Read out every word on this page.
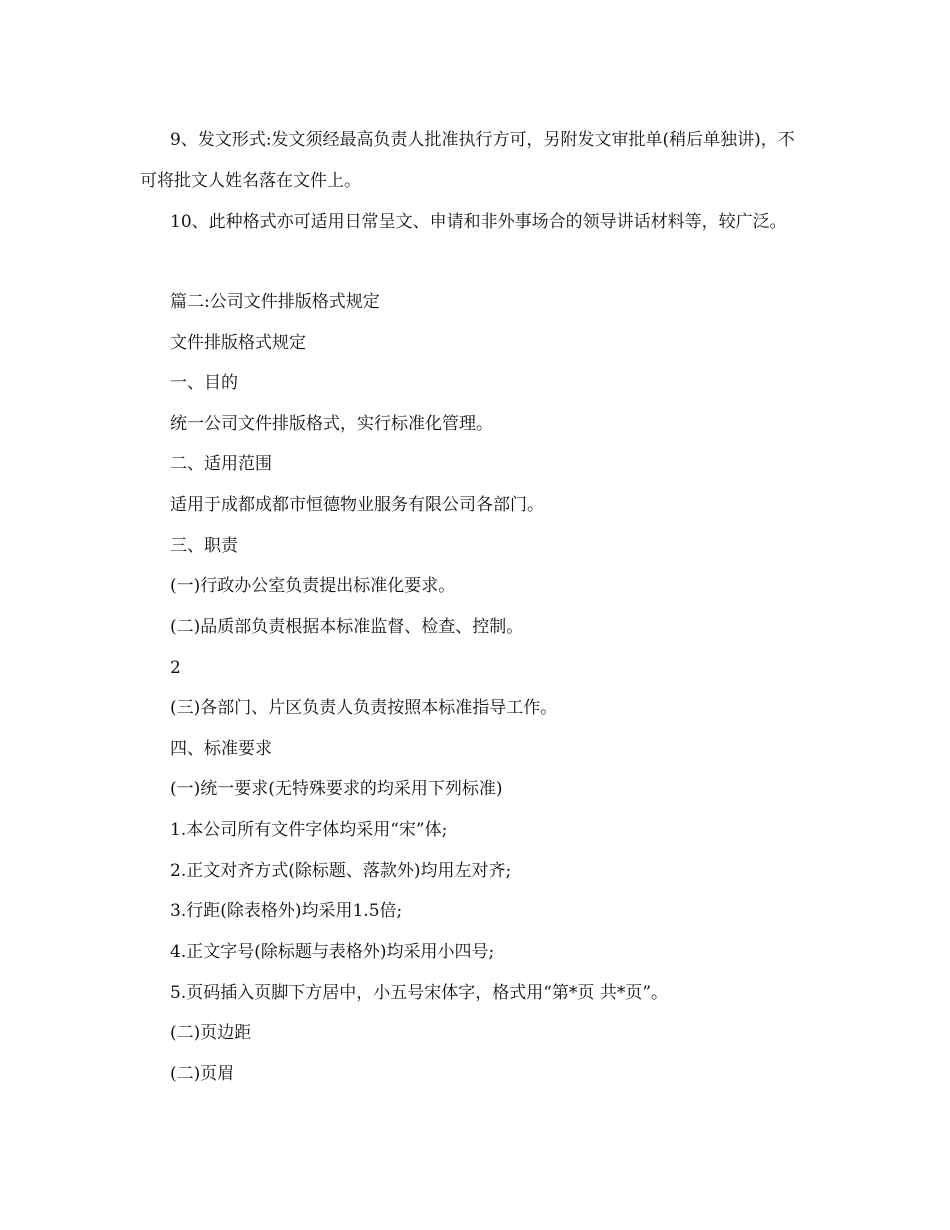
9、发文形式:发文须经最高负责人批准执行方可，另附发文审批单(稍后单独讲)，不可将批文人姓名落在文件上。

10、此种格式亦可适用日常呈文、申请和非外事场合的领导讲话材料等，较广泛。

篇二:公司文件排版格式规定

文件排版格式规定

一、目的

统一公司文件排版格式，实行标准化管理。

二、适用范围

适用于成都成都市恒德物业服务有限公司各部门。

三、职责

(一)行政办公室负责提出标准化要求。

(二)品质部负责根据本标准监督、检查、控制。

2

(三)各部门、片区负责人负责按照本标准指导工作。

四、标准要求

(一)统一要求(无特殊要求的均采用下列标准)

1.本公司所有文件字体均采用“宋”体;

2.正文对齐方式(除标题、落款外)均用左对齐;

3.行距(除表格外)均采用1.5倍;

4.正文字号(除标题与表格外)均采用小四号;

5.页码插入页脚下方居中，小五号宋体字，格式用“第*页 共*页”。

(二)页边距

(二)页眉
